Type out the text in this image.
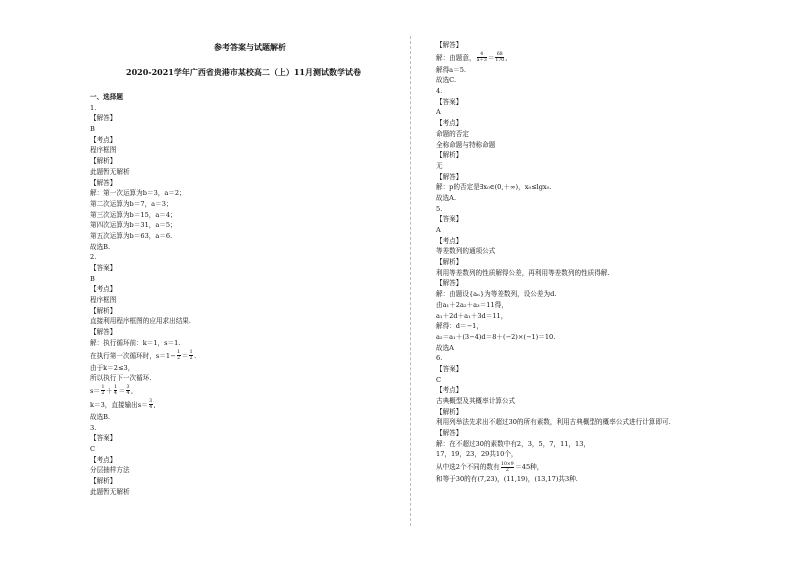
参考答案与试题解析
2020-2021学年广西省贵港市某校高二（上）11月测试数学试卷
一、选择题
1.
【解答】
B
【考点】
程序框图
【解析】
此题暂无解析
【解答】
解：第一次运算为b＝3，a＝2；
第二次运算为b＝7，a＝3；
第三次运算为b＝15，a＝4；
第四次运算为b＝31，a＝5；
第五次运算为b＝63，a＝6.
故选B.
2.
【答案】
B
【考点】
程序框图
【解析】
直接利用程序框图的应用求出结果.
【解答】
解：执行循环前：k＝1，s＝1.
在执行第一次循环时，$s=1- \frac{1}{2} = \frac{1}{2}$ .
由于k＝2≤3，
所以执行下一次循环.
$s= \frac{1}{2} + \frac{1}{4} = \frac{3}{4}$ ,
k＝3，直接输出$s= \frac{3}{4}$ ,
故选B.
3.
【答案】
C
【考点】
分层抽样方法
【解析】
此题暂无解析
【解答】
解：由题意， $\frac{4}{a+3} = \frac{68}{170}$ ,
解得a＝5.
故选C.
4.
【答案】
A
【考点】
命题的否定
全称命题与特称命题
【解析】
无
【解答】
解：p的否定是∃x₀∈(0,＋∞)，x₀≤lgx₀.
故选A.
5.
【答案】
A
【考点】
等差数列的通项公式
【解析】
利用等差数列的性质解得公差，再利用等差数列的性质得解.
【解答】
解：由题设{aₙ}为等差数列，设公差为d.
由a₁＋2a₂＋a₃＝11得，
a₁＋2d＋a₁＋3d＝11，
解得：d＝−1，
a₂＝a₁＋(3−4)d＝8＋(−2)×(−1)＝10.
故选A
6.
【答案】
C
【考点】
古典概型及其概率计算公式
【解析】
利用列举法先求出不超过30的所有素数，利用古典概型的概率公式进行计算即可.
【解答】
解：在不超过30的素数中有2，3，5，7，11，13，
17，19，23，29共10个，
从中选2个不同的数有 $\frac{10\times 9}{2} =45$种，
和等于30的有(7,23)，(11,19)，(13,17)共3种.
